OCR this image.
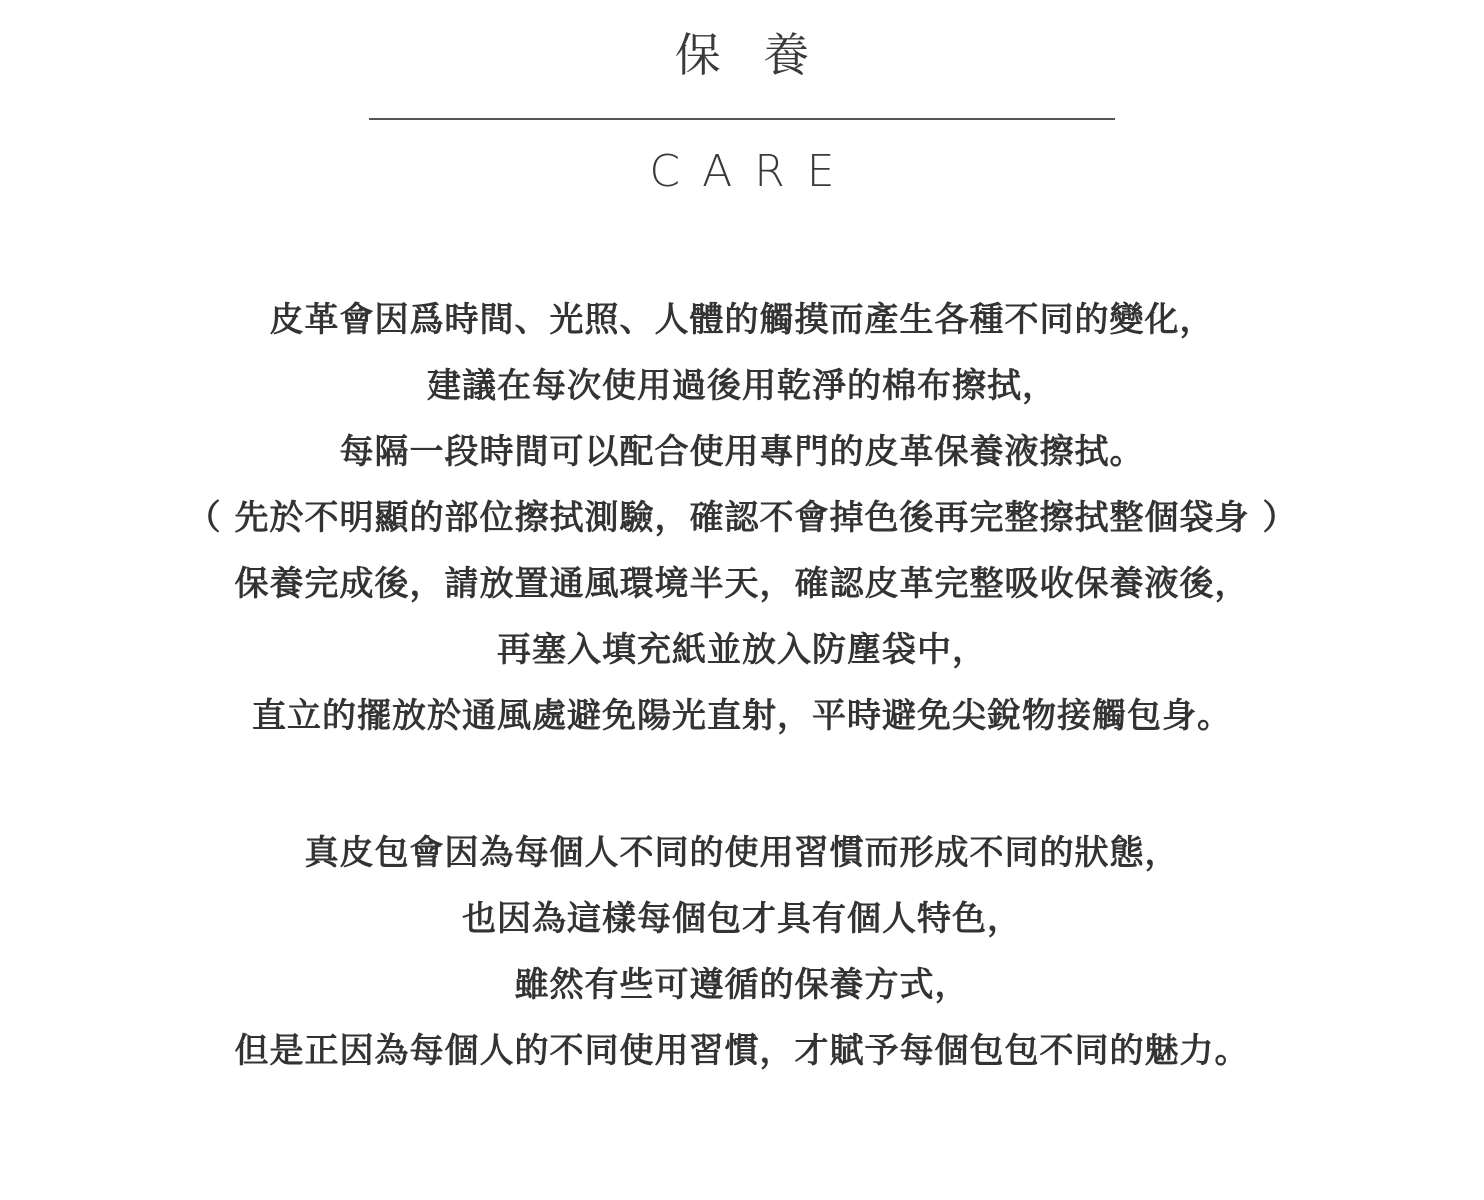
保 養
CARE
皮革會因爲時間、光照、人體的觸摸而產生各種不同的變化，
建議在每次使用過後用乾淨的棉布擦拭，
每隔一段時間可以配合使用專門的皮革保養液擦拭。
（ 先於不明顯的部位擦拭測驗，確認不會掉色後再完整擦拭整個袋身 ）
保養完成後，請放置通風環境半天，確認皮革完整吸收保養液後，
再塞入填充紙並放入防塵袋中，
直立的擺放於通風處避免陽光直射，平時避免尖銳物接觸包身。
真皮包會因為每個人不同的使用習慣而形成不同的狀態，
也因為這樣每個包才具有個人特色，
雖然有些可遵循的保養方式，
但是正因為每個人的不同使用習慣，才賦予每個包包不同的魅力。
